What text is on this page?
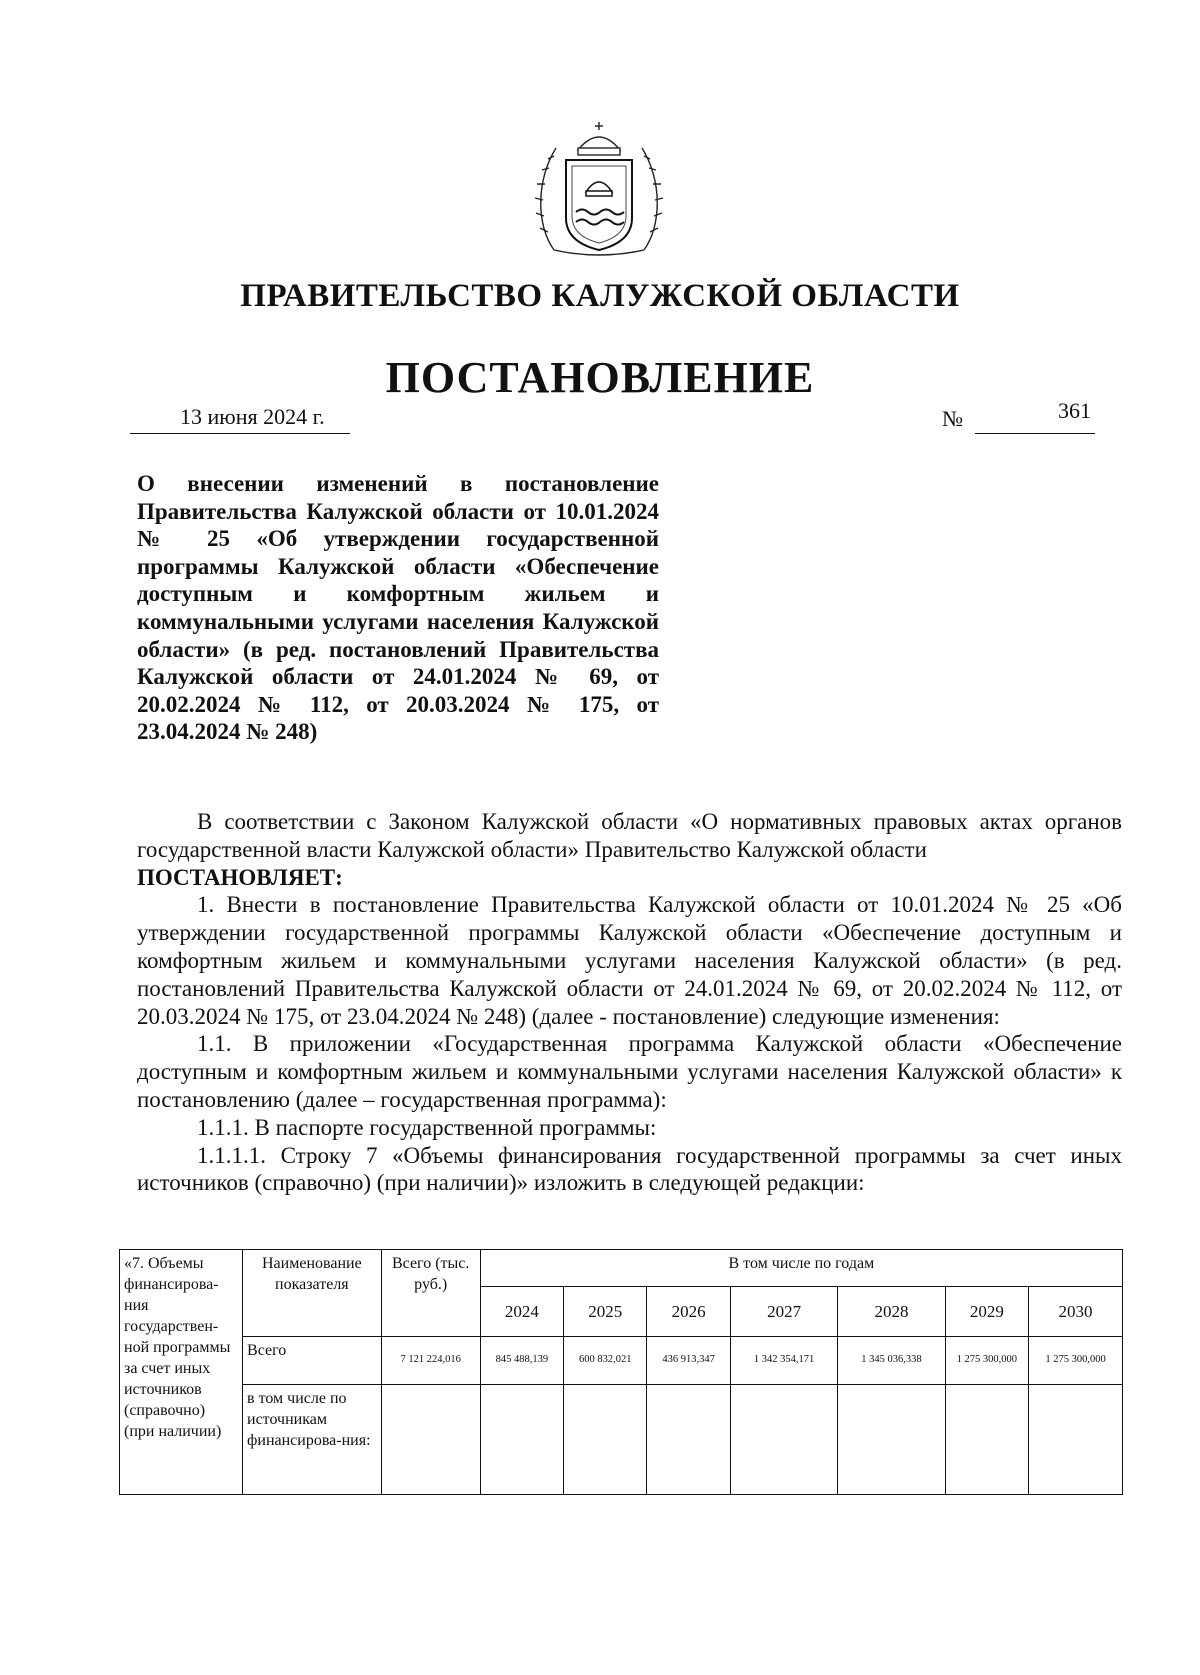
ПРАВИТЕЛЬСТВО КАЛУЖСКОЙ ОБЛАСТИ
ПОСТАНОВЛЕНИЕ
13 июня 2024 г.	№	361
О внесении изменений в постановление Правительства Калужской области от 10.01.2024 № 25 «Об утверждении государственной программы Калужской области «Обеспечение доступным и комфортным жильем и коммунальными услугами населения Калужской области» (в ред. постановлений Правительства Калужской области от 24.01.2024 № 69, от 20.02.2024 № 112, от 20.03.2024 № 175, от 23.04.2024 № 248)

В соответствии с Законом Калужской области «О нормативных правовых актах органов государственной власти Калужской области» Правительство Калужской области

ПОСТАНОВЛЯЕТ:

1. Внести в постановление Правительства Калужской области от 10.01.2024 № 25 «Об утверждении государственной программы Калужской области «Обеспечение доступным и комфортным жильем и коммунальными услугами населения Калужской области» (в ред. постановлений Правительства Калужской области от 24.01.2024 № 69, от 20.02.2024 № 112, от 20.03.2024 № 175, от 23.04.2024 № 248) (далее - постановление) следующие изменения:

1.1. В приложении «Государственная программа Калужской области «Обеспечение доступным и комфортным жильем и коммунальными услугами населения Калужской области» к постановлению (далее – государственная программа):

1.1.1. В паспорте государственной программы:

1.1.1.1. Строку 7 «Объемы финансирования государственной программы за счет иных источников (справочно) (при наличии)» изложить в следующей редакции:

«7. Объемы финансирова-ния государствен-ной программы за счет иных источников (справочно) (при наличии)	Наименование показателя	Всего (тыс. руб.)	В том числе по годам						
			2024	2025	2026	2027	2028	2029	2030
	Всего	7 121 224,016	845 488,139	600 832,021	436 913,347	1 342 354,171	1 345 036,338	1 275 300,000	1 275 300,000
	в том числе по источникам финансирова-ния:								
